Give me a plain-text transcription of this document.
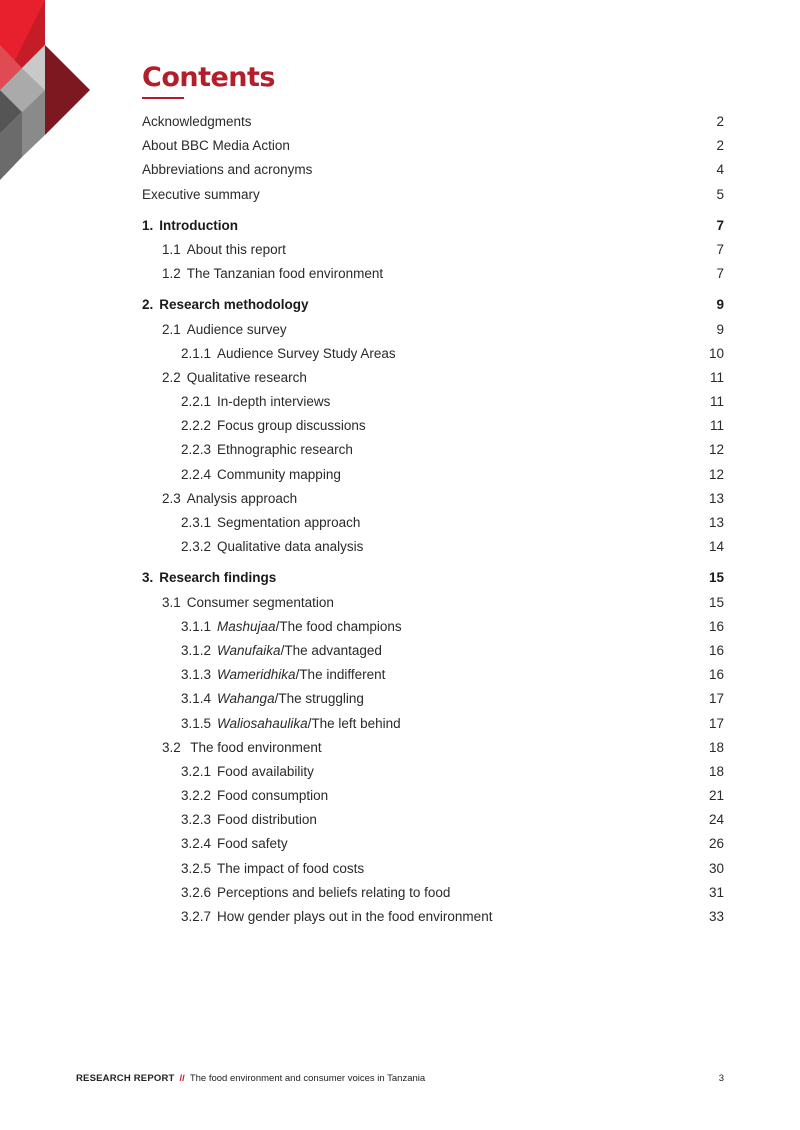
Contents
Acknowledgments	2
About BBC Media Action	2
Abbreviations and acronyms	4
Executive summary	5
1. Introduction	7
1.1 About this report	7
1.2 The Tanzanian food environment	7
2. Research methodology	9
2.1 Audience survey	9
2.1.1 Audience Survey Study Areas	10
2.2 Qualitative research	11
2.2.1 In-depth interviews	11
2.2.2 Focus group discussions	11
2.2.3 Ethnographic research	12
2.2.4 Community mapping	12
2.3 Analysis approach	13
2.3.1 Segmentation approach	13
2.3.2 Qualitative data analysis	14
3. Research findings	15
3.1 Consumer segmentation	15
3.1.1 Mashujaa/The food champions	16
3.1.2 Wanufaika/The advantaged	16
3.1.3 Wameridhika/The indifferent	16
3.1.4 Wahanga/The struggling	17
3.1.5 Waliosahaulika/The left behind	17
3.2 The food environment	18
3.2.1 Food availability	18
3.2.2 Food consumption	21
3.2.3 Food distribution	24
3.2.4 Food safety	26
3.2.5 The impact of food costs	30
3.2.6 Perceptions and beliefs relating to food	31
3.2.7 How gender plays out in the food environment	33
RESEARCH REPORT // The food environment and consumer voices in Tanzania	3
